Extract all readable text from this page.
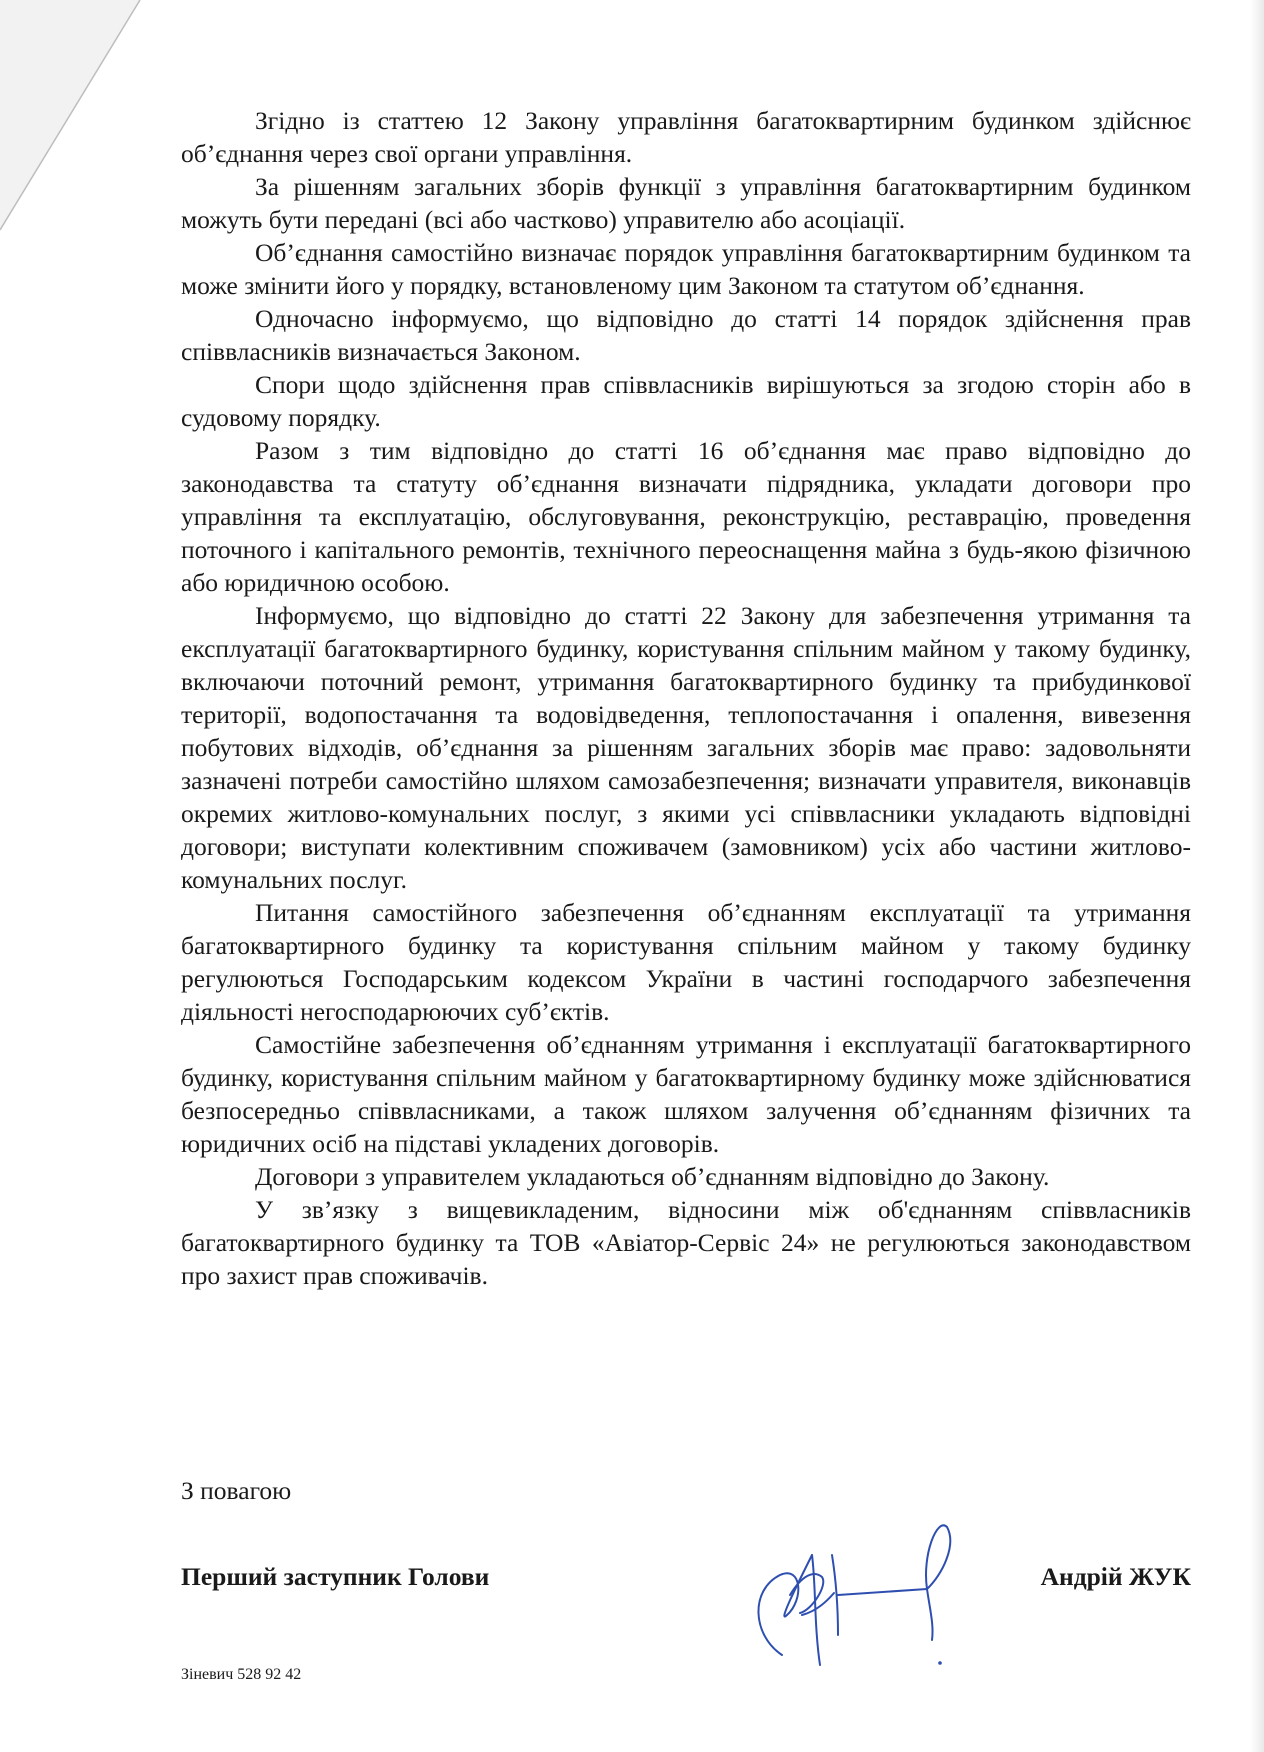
Згідно із статтею 12 Закону управління багатоквартирним будинком здійснює об’єднання через свої органи управління.

За рішенням загальних зборів функції з управління багатоквартирним будинком можуть бути передані (всі або частково) управителю або асоціації.

Об’єднання самостійно визначає порядок управління багатоквартирним будинком та може змінити його у порядку, встановленому цим Законом та статутом об’єднання.

Одночасно інформуємо, що відповідно до статті 14 порядок здійснення прав співвласників визначається Законом.

Спори щодо здійснення прав співвласників вирішуються за згодою сторін або в судовому порядку.

Разом з тим відповідно до статті 16 об’єднання має право відповідно до законодавства та статуту об’єднання визначати підрядника, укладати договори про управління та експлуатацію, обслуговування, реконструкцію, реставрацію, проведення поточного і капітального ремонтів, технічного переоснащення майна з будь-якою фізичною або юридичною особою.

Інформуємо, що відповідно до статті 22 Закону для забезпечення утримання та експлуатації багатоквартирного будинку, користування спільним майном у такому будинку, включаючи поточний ремонт, утримання багатоквартирного будинку та прибудинкової території, водопостачання та водовідведення, теплопостачання і опалення, вивезення побутових відходів, об’єднання за рішенням загальних зборів має право: задовольняти зазначені потреби самостійно шляхом самозабезпечення; визначати управителя, виконавців окремих житлово-комунальних послуг, з якими усі співвласники укладають відповідні договори; виступати колективним споживачем (замовником) усіх або частини житлово-комунальних послуг.

Питання самостійного забезпечення об’єднанням експлуатації та утримання багатоквартирного будинку та користування спільним майном у такому будинку регулюються Господарським кодексом України в частині господарчого забезпечення діяльності негосподарюючих суб’єктів.

Самостійне забезпечення об’єднанням утримання і експлуатації багатоквартирного будинку, користування спільним майном у багатоквартирному будинку може здійснюватися безпосередньо співвласниками, а також шляхом залучення об’єднанням фізичних та юридичних осіб на підставі укладених договорів.

Договори з управителем укладаються об’єднанням відповідно до Закону.

У зв’язку з вищевикладеним, відносини між об'єднанням співвласників багатоквартирного будинку та ТОВ «Авіатор-Сервіс 24» не регулюються законодавством про захист прав споживачів.

З повагою
Перший заступник Голови	Андрій ЖУК
Зіневич 528 92 42
